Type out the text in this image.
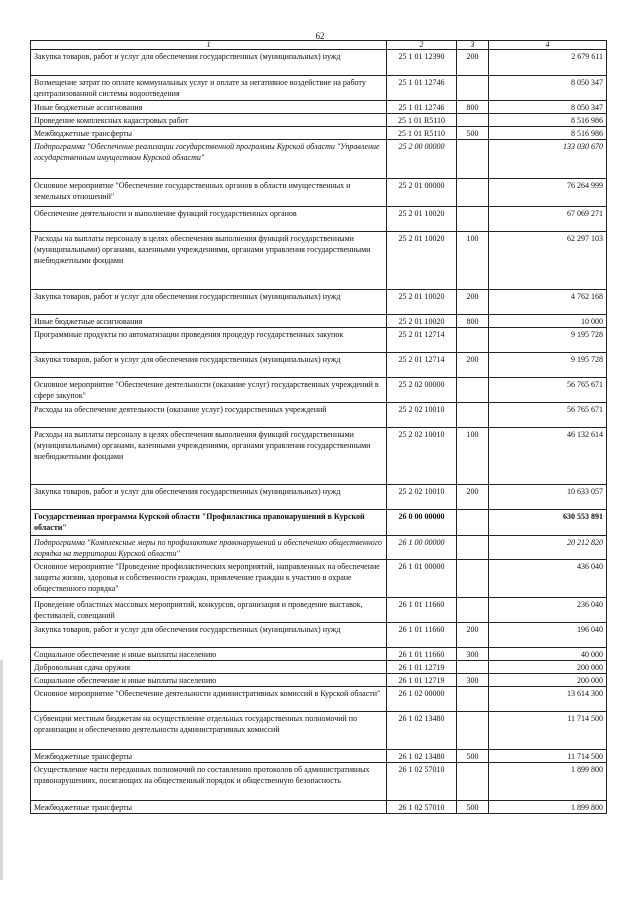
62
1	2	3	4
Закупка товаров, работ и услуг для обеспечения государственных (муниципальных) нужд	25 1 01 12390	200	2 679 611
Возмещение затрат по оплате коммунальных услуг и оплате за негативное воздействие на работу централизованной системы водоотведения	25 1 01 12746		8 050 347
Иные бюджетные ассигнования	25 1 01 12746	800	8 050 347
Проведение комплексных кадастровых работ	25 1 01 R5110		8 516 986
Межбюджетные трансферты	25 1 01 R5110	500	8 516 986
Подпрограмма "Обеспечение реализации государственной программы Курской области "Управление государственным имуществом Курской области"	25 2 00 00000		133 030 670
Основное мероприятие "Обеспечение государственных органов в области имущественных и земельных отношений"	25 2 01 00000		76 264 999
Обеспечение деятельности и выполнение функций государственных органов	25 2 01 10020		67 069 271
Расходы на выплаты персоналу в целях обеспечения выполнения функций государственными (муниципальными) органами, казенными учреждениями, органами управления государственными внебюджетными фондами	25 2 01 10020	100	62 297 103
Закупка товаров, работ и услуг для обеспечения государственных (муниципальных) нужд	25 2 01 10020	200	4 762 168
Иные бюджетные ассигнования	25 2 01 10020	800	10 000
Программные продукты по автоматизации проведения процедур государственных закупок	25 2 01 12714		9 195 728
Закупка товаров, работ и услуг для обеспечения государственных (муниципальных) нужд	25 2 01 12714	200	9 195 728
Основное мероприятие "Обеспечение деятельности (оказание услуг) государственных учреждений в сфере закупок"	25 2 02 00000		56 765 671
Расходы на обеспечение деятельности (оказание услуг) государственных учреждений	25 2 02 10010		56 765 671
Расходы на выплаты персоналу в целях обеспечения выполнения функций государственными (муниципальными) органами, казенными учреждениями, органами управления государственными внебюджетными фондами	25 2 02 10010	100	46 132 614
Закупка товаров, работ и услуг для обеспечения государственных (муниципальных) нужд	25 2 02 10010	200	10 633 057
Государственная программа Курской области "Профилактика правонарушений в Курской области"	26 0 00 00000		630 553 891
Подпрограмма "Комплексные меры по профилактике правонарушений и обеспечению общественного порядка на территории Курской области"	26 1 00 00000		20 212 820
Основное мероприятие "Проведение профилактических мероприятий, направленных на обеспечение защиты жизни, здоровья и собственности граждан, привлечение граждан к участию в охране общественного порядка"	26 1 01 00000		436 040
Проведение областных массовых мероприятий, конкурсов, организация и проведение выставок, фестивалей, совещаний	26 1 01 11660		236 040
Закупка товаров, работ и услуг для обеспечения государственных (муниципальных) нужд	26 1 01 11660	200	196 040
Социальное обеспечение и иные выплаты населению	26 1 01 11660	300	40 000
Добровольная сдача оружия	26 1 01 12719		200 000
Социальное обеспечение и иные выплаты населению	26 1 01 12719	300	200 000
Основное мероприятие "Обеспечение деятельности административных комиссий в Курской области"	26 1 02 00000		13 614 300
Субвенции местным бюджетам на осуществление отдельных государственных полномочий по организации и обеспечению деятельности административных комиссий	26 1 02 13480		11 714 500
Межбюджетные трансферты	26 1 02 13480	500	11 714 500
Осуществление части переданных полномочий по составлению протоколов об административных правонарушениях, посягающих на общественный порядок и общественную безопасность	26 1 02 57010		1 899 800
Межбюджетные трансферты	26 1 02 57010	500	1 899 800
